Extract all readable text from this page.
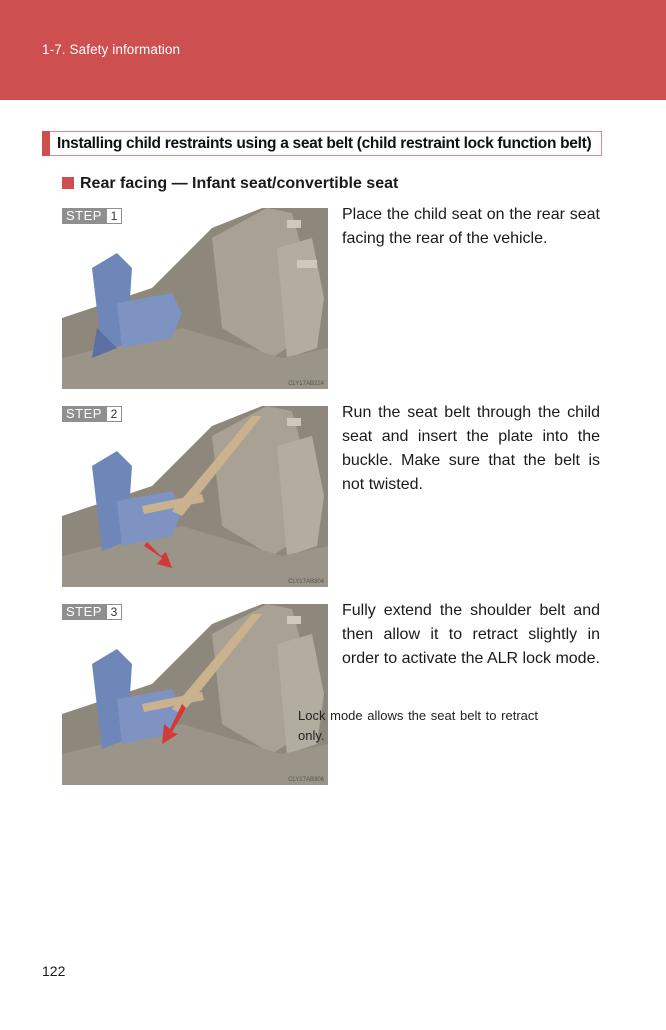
1-7. Safety information
Installing child restraints using a seat belt (child restraint lock function belt)
Rear facing — Infant seat/convertible seat
CLY17AB224
STEP 1	Place the child seat on the rear seat facing the rear of the vehicle.
CLY17AB304
STEP 2	Run the seat belt through the child seat and insert the plate into the buckle. Make sure that the belt is not twisted.
CLY17AB306
STEP 3	Fully extend the shoulder belt and then allow it to retract slightly in order to activate the ALR lock mode.
Lock mode allows the seat belt to retract only.
122
